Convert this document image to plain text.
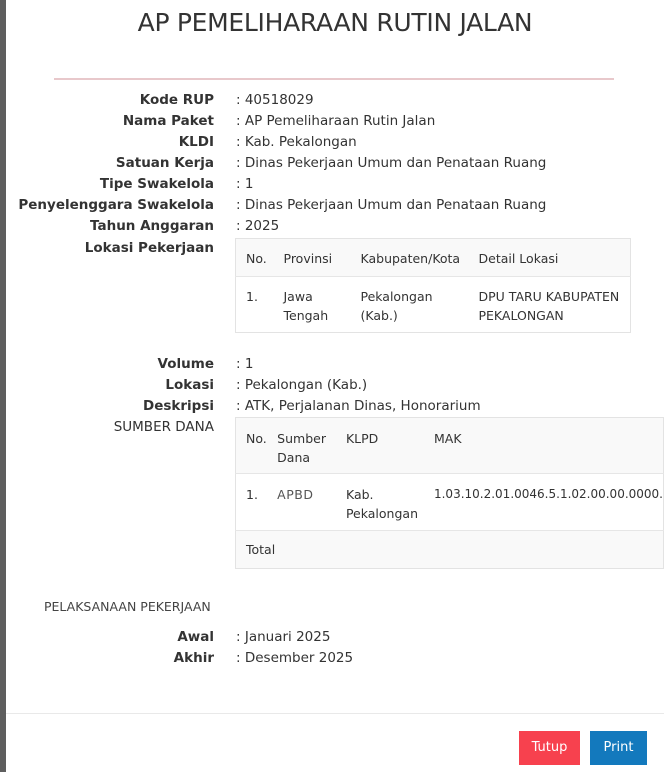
AP PEMELIHARAAN RUTIN JALAN
Kode RUP : 40518029
Nama Paket : AP Pemeliharaan Rutin Jalan
KLDI : Kab. Pekalongan
Satuan Kerja : Dinas Pekerjaan Umum dan Penataan Ruang
Tipe Swakelola : 1
Penyelenggara Swakelola : Dinas Pekerjaan Umum dan Penataan Ruang
Tahun Anggaran : 2025
Lokasi Pekerjaan
No.	Provinsi	Kabupaten/Kota	Detail Lokasi
1.	Jawa Tengah	Pekalongan (Kab.)	DPU TARU KABUPATEN PEKALONGAN
Volume : 1
Lokasi : Pekalongan (Kab.)
Deskripsi : ATK, Perjalanan Dinas, Honorarium
SUMBER DANA
No.	Sumber Dana	KLPD	MAK
1.	APBD	Kab. Pekalongan	1.03.10.2.01.0046.5.1.02.00.00.0000.
Total			
PELAKSANAAN PEKERJAAN
Awal : Januari 2025
Akhir : Desember 2025
Tutup	Print
